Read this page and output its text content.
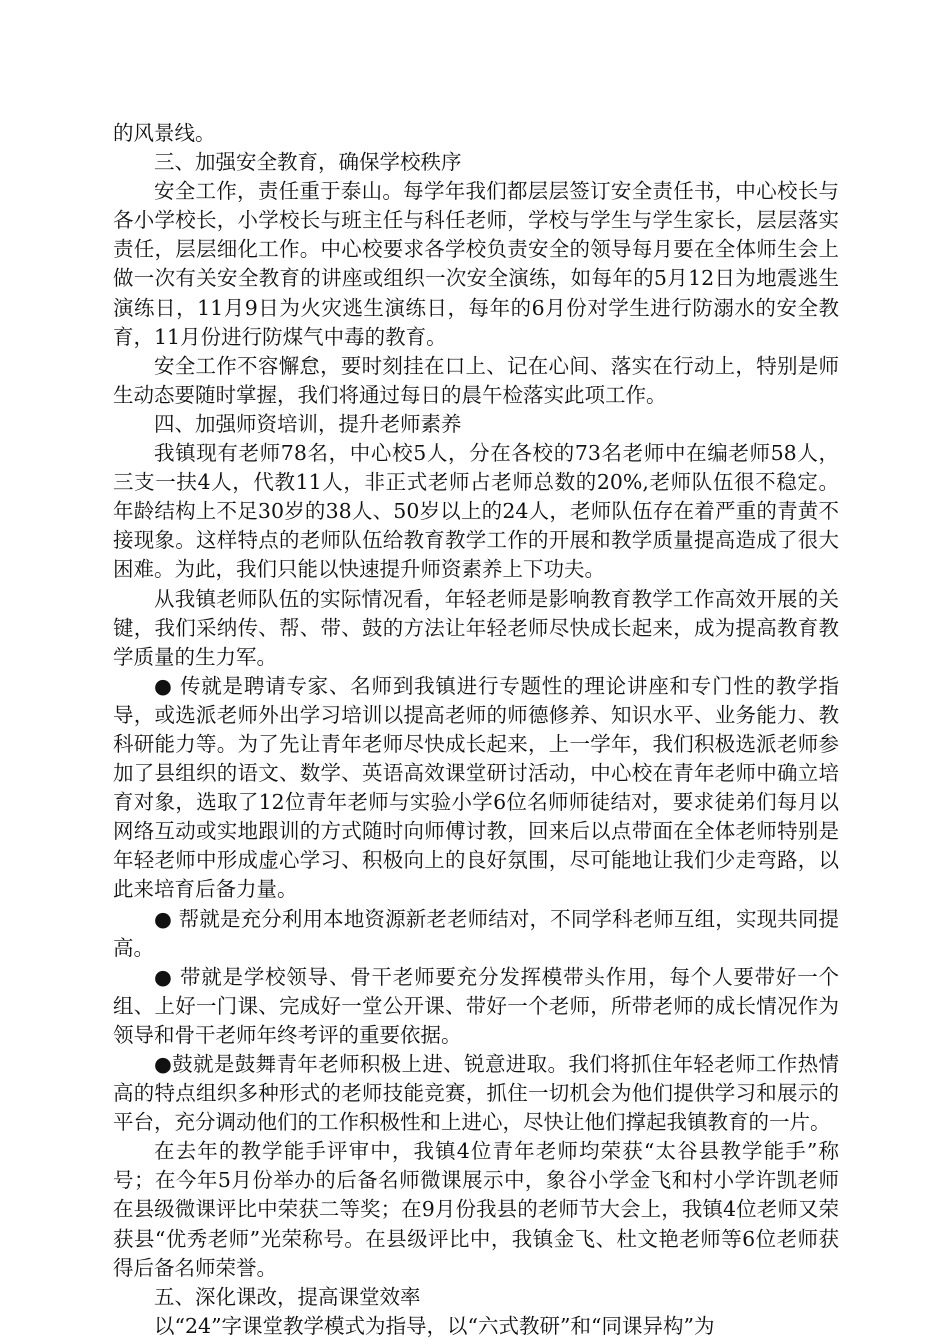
的风景线。

三、加强安全教育，确保学校秩序

安全工作，责任重于泰山。每学年我们都层层签订安全责任书，中心校长与各小学校长，小学校长与班主任与科任老师，学校与学生与学生家长，层层落实责任，层层细化工作。中心校要求各学校负责安全的领导每月要在全体师生会上做一次有关安全教育的讲座或组织一次安全演练，如每年的5月12日为地震逃生演练日，11月9日为火灾逃生演练日，每年的6月份对学生进行防溺水的安全教育，11月份进行防煤气中毒的教育。

安全工作不容懈怠，要时刻挂在口上、记在心间、落实在行动上，特别是师生动态要随时掌握，我们将通过每日的晨午检落实此项工作。

四、加强师资培训，提升老师素养

我镇现有老师78名，中心校5人，分在各校的73名老师中在编老师58人，三支一扶4人，代教11人，非正式老师占老师总数的20%,老师队伍很不稳定。年龄结构上不足30岁的38人、50岁以上的24人，老师队伍存在着严重的青黄不接现象。这样特点的老师队伍给教育教学工作的开展和教学质量提高造成了很大困难。为此，我们只能以快速提升师资素养上下功夫。

从我镇老师队伍的实际情况看，年轻老师是影响教育教学工作高效开展的关键，我们采纳传、帮、带、鼓的方法让年轻老师尽快成长起来，成为提高教育教学质量的生力军。

● 传就是聘请专家、名师到我镇进行专题性的理论讲座和专门性的教学指导，或选派老师外出学习培训以提高老师的师德修养、知识水平、业务能力、教科研能力等。为了先让青年老师尽快成长起来，上一学年，我们积极选派老师参加了县组织的语文、数学、英语高效课堂研讨活动，中心校在青年老师中确立培育对象，选取了12位青年老师与实验小学6位名师师徒结对，要求徒弟们每月以网络互动或实地跟训的方式随时向师傅讨教，回来后以点带面在全体老师特别是年轻老师中形成虚心学习、积极向上的良好氛围，尽可能地让我们少走弯路，以此来培育后备力量。

● 帮就是充分利用本地资源新老老师结对，不同学科老师互组，实现共同提高。

● 带就是学校领导、骨干老师要充分发挥模带头作用，每个人要带好一个组、上好一门课、完成好一堂公开课、带好一个老师，所带老师的成长情况作为领导和骨干老师年终考评的重要依据。

●鼓就是鼓舞青年老师积极上进、锐意进取。我们将抓住年轻老师工作热情高的特点组织多种形式的老师技能竞赛，抓住一切机会为他们提供学习和展示的平台，充分调动他们的工作积极性和上进心，尽快让他们撑起我镇教育的一片。

在去年的教学能手评审中，我镇4位青年老师均荣获“太谷县教学能手”称号；在今年5月份举办的后备名师微课展示中，象谷小学金飞和村小学许凯老师在县级微课评比中荣获二等奖；在9月份我县的老师节大会上，我镇4位老师又荣获县“优秀老师”光荣称号。在县级评比中，我镇金飞、杜文艳老师等6位老师获得后备名师荣誉。

五、深化课改，提高课堂效率

以“24”字课堂教学模式为指导，以“六式教研”和“同课异构”为
